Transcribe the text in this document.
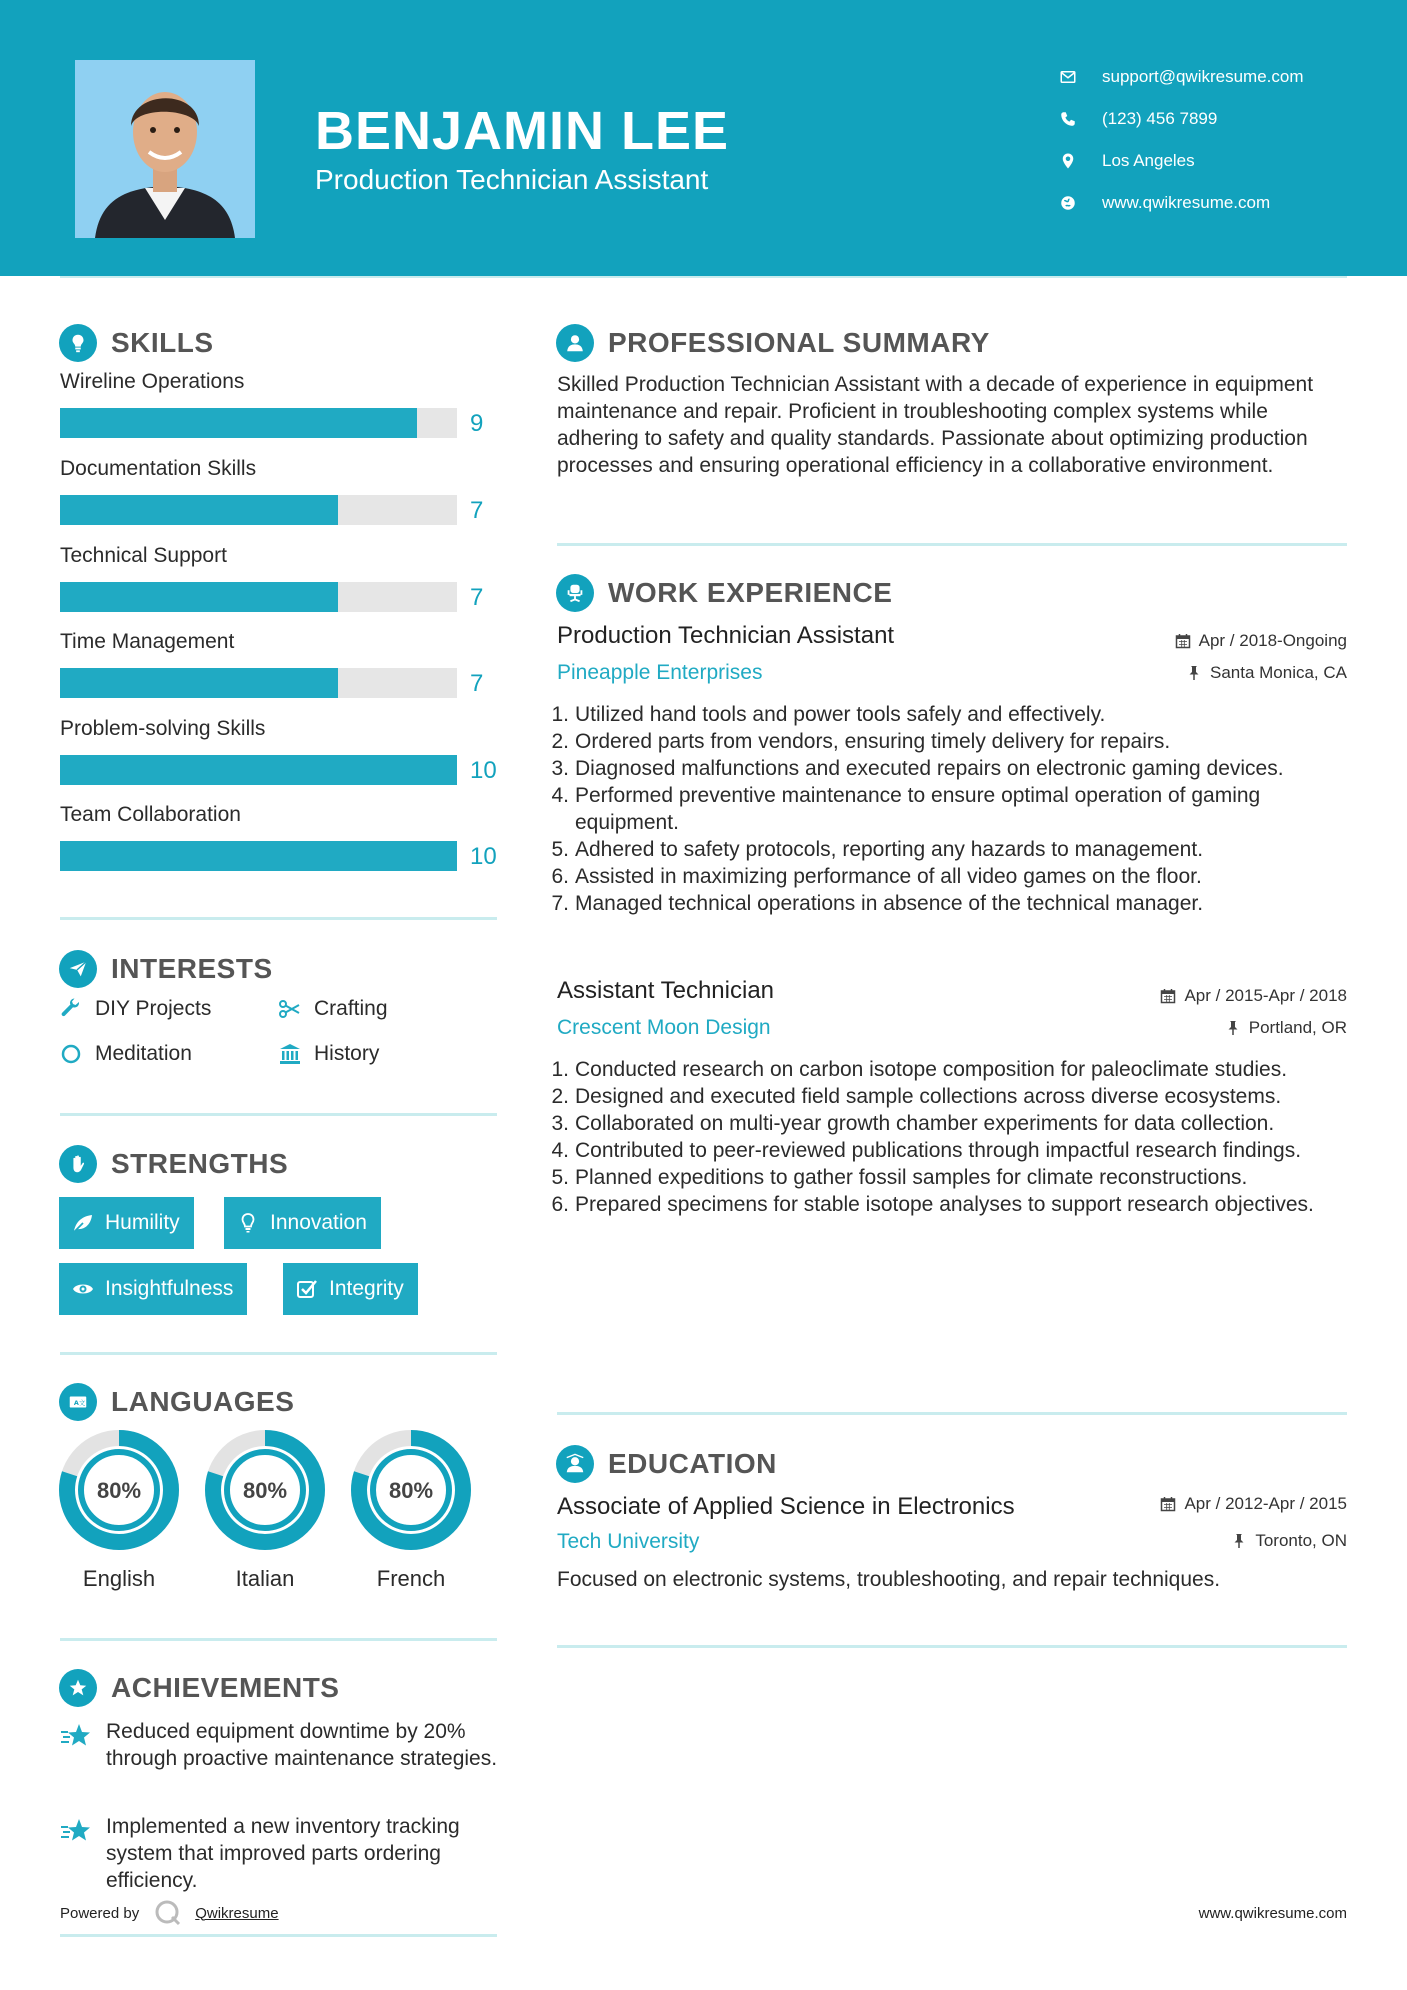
BENJAMIN LEE
Production Technician Assistant
support@qwikresume.com
(123) 456 7899
Los Angeles
www.qwikresume.com
SKILLS
Wireline Operations
9
Documentation Skills
7
Technical Support
7
Time Management
7
Problem-solving Skills
10
Team Collaboration
10
INTERESTS
DIY Projects	Crafting
Meditation	History
STRENGTHS
Humility	Innovation
Insightfulness	Integrity
A 文 LANGUAGES
80%
English
80%
Italian
80%
French
ACHIEVEMENTS
Reduced equipment downtime by 20% through proactive maintenance strategies.
Implemented a new inventory tracking system that improved parts ordering efficiency.
Powered by	Qwikresume
PROFESSIONAL SUMMARY
Skilled Production Technician Assistant with a decade of experience in equipment maintenance and repair. Proficient in troubleshooting complex systems while adhering to safety and quality standards. Passionate about optimizing production processes and ensuring operational efficiency in a collaborative environment.
WORK EXPERIENCE
Production Technician Assistant	Apr / 2018-Ongoing
Pineapple Enterprises	Santa Monica, CA
1. Utilized hand tools and power tools safely and effectively.
2. Ordered parts from vendors, ensuring timely delivery for repairs.
3. Diagnosed malfunctions and executed repairs on electronic gaming devices.
4. Performed preventive maintenance to ensure optimal operation of gaming equipment.
5. Adhered to safety protocols, reporting any hazards to management.
6. Assisted in maximizing performance of all video games on the floor.
7. Managed technical operations in absence of the technical manager.
Assistant Technician	Apr / 2015-Apr / 2018
Crescent Moon Design	Portland, OR
1. Conducted research on carbon isotope composition for paleoclimate studies.
2. Designed and executed field sample collections across diverse ecosystems.
3. Collaborated on multi-year growth chamber experiments for data collection.
4. Contributed to peer-reviewed publications through impactful research findings.
5. Planned expeditions to gather fossil samples for climate reconstructions.
6. Prepared specimens for stable isotope analyses to support research objectives.
EDUCATION
Associate of Applied Science in Electronics	Apr / 2012-Apr / 2015
Tech University	Toronto, ON
Focused on electronic systems, troubleshooting, and repair techniques.
www.qwikresume.com
